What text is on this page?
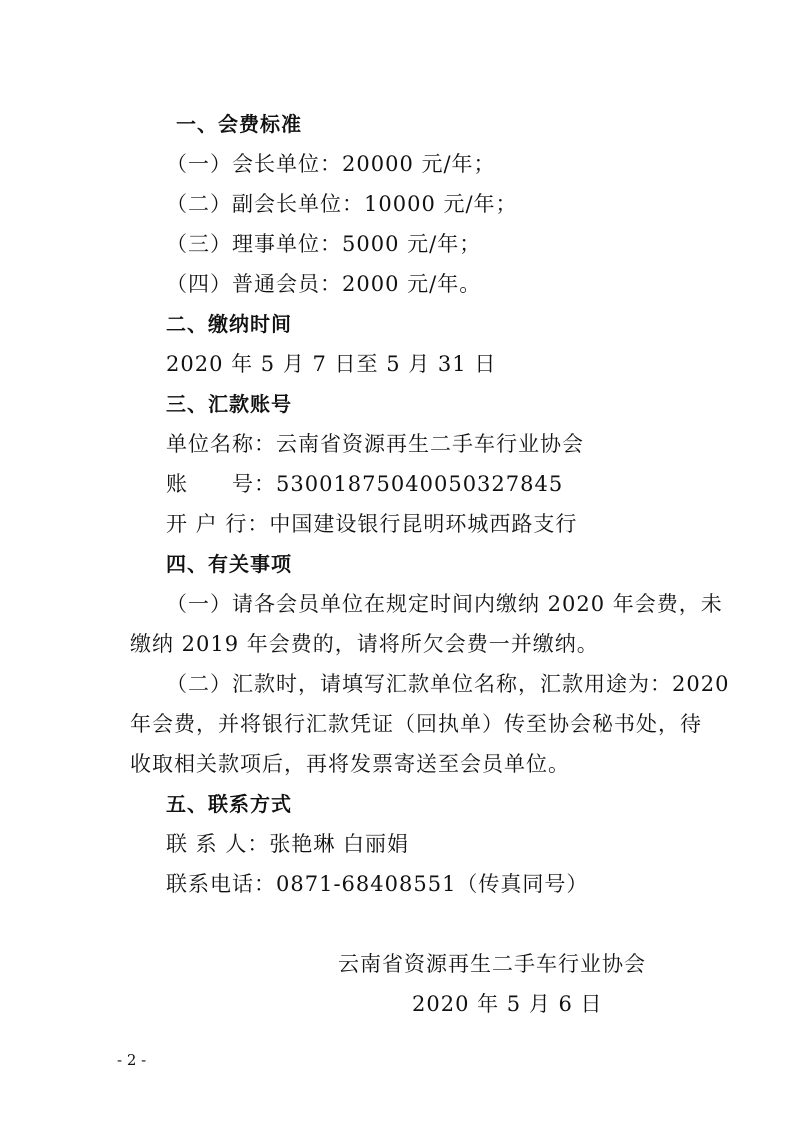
一、会费标准
（一）会长单位：20000 元/年；
（二）副会长单位：10000 元/年；
（三）理事单位：5000 元/年；
（四）普通会员：2000 元/年。
二、缴纳时间
2020 年 5 月 7 日至 5 月 31 日
三、汇款账号
单位名称：云南省资源再生二手车行业协会
账　　号：53001875040050327845
开 户 行：中国建设银行昆明环城西路支行
四、有关事项
（一）请各会员单位在规定时间内缴纳 2020 年会费，未
缴纳 2019 年会费的，请将所欠会费一并缴纳。
（二）汇款时，请填写汇款单位名称，汇款用途为：2020
年会费，并将银行汇款凭证（回执单）传至协会秘书处，待
收取相关款项后，再将发票寄送至会员单位。
五、联系方式
联 系 人：张艳琳 白丽娟
联系电话：0871-68408551（传真同号）
云南省资源再生二手车行业协会
2020 年 5 月 6 日
- 2 -
